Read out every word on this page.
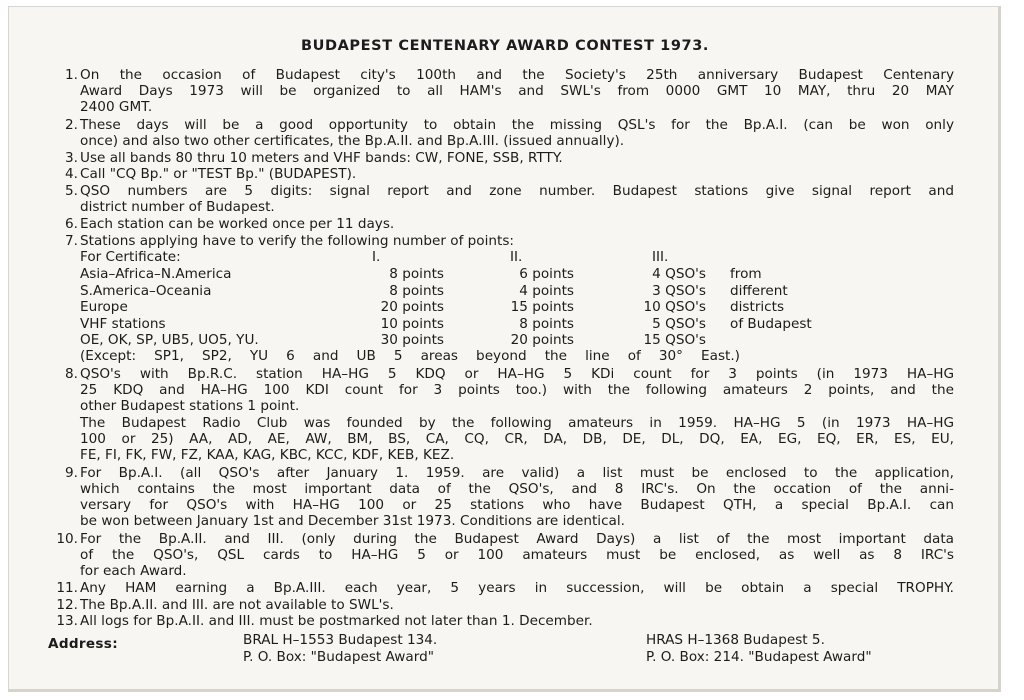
BUDAPEST CENTENARY AWARD CONTEST 1973.
1. On the occasion of Budapest city's 100th and the Society's 25th anniversary Budapest Centenary
Award Days 1973 will be organized to all HAM's and SWL's from 0000 GMT 10 MAY, thru 20 MAY
2400 GMT.
2. These days will be a good opportunity to obtain the missing QSL's for the Bp.A.I. (can be won only
once) and also two other certificates, the Bp.A.II. and Bp.A.III. (issued annually).
3. Use all bands 80 thru 10 meters and VHF bands: CW, FONE, SSB, RTTY.
4. Call "CQ Bp." or "TEST Bp." (BUDAPEST).
5. QSO numbers are 5 digits: signal report and zone number. Budapest stations give signal report and
district number of Budapest.
6. Each station can be worked once per 11 days.
7. Stations applying have to verify the following number of points:
For Certificate:	I.	II.	III.
Asia–Africa–N.America	8 points	6 points	4 QSO's from
S.America–Oceania	8 points	4 points	3 QSO's different
Europe	20 points	15 points	10 QSO's districts
VHF stations	10 points	8 points	5 QSO's of Budapest
OE, OK, SP, UB5, UO5, YU.	30 points	20 points	15 QSO's
(Except: SP1, SP2, YU 6 and UB 5 areas beyond the line of 30° East.)
8. QSO's with Bp.R.C. station HA–HG 5 KDQ or HA–HG 5 KDi count for 3 points (in 1973 HA–HG
25 KDQ and HA–HG 100 KDI count for 3 points too.) with the following amateurs 2 points, and the
other Budapest stations 1 point.
The Budapest Radio Club was founded by the following amateurs in 1959. HA–HG 5 (in 1973 HA–HG
100 or 25) AA, AD, AE, AW, BM, BS, CA, CQ, CR, DA, DB, DE, DL, DQ, EA, EG, EQ, ER, ES, EU,
FE, FI, FK, FW, FZ, KAA, KAG, KBC, KCC, KDF, KEB, KEZ.
9. For Bp.A.I. (all QSO's after January 1. 1959. are valid) a list must be enclosed to the application,
which contains the most important data of the QSO's, and 8 IRC's. On the occation of the anni-
versary for QSO's with HA–HG 100 or 25 stations who have Budapest QTH, a special Bp.A.I. can
be won between January 1st and December 31st 1973. Conditions are identical.
10. For the Bp.A.II. and III. (only during the Budapest Award Days) a list of the most important data
of the QSO's, QSL cards to HA–HG 5 or 100 amateurs must be enclosed, as well as 8 IRC's
for each Award.
11. Any HAM earning a Bp.A.III. each year, 5 years in succession, will be obtain a special TROPHY.
12. The Bp.A.II. and III. are not available to SWL's.
13. All logs for Bp.A.II. and III. must be postmarked not later than 1. December.
Address:	BRAL H–1553 Budapest 134.
P. O. Box: "Budapest Award"
HRAS H–1368 Budapest 5.
P. O. Box: 214. "Budapest Award"
